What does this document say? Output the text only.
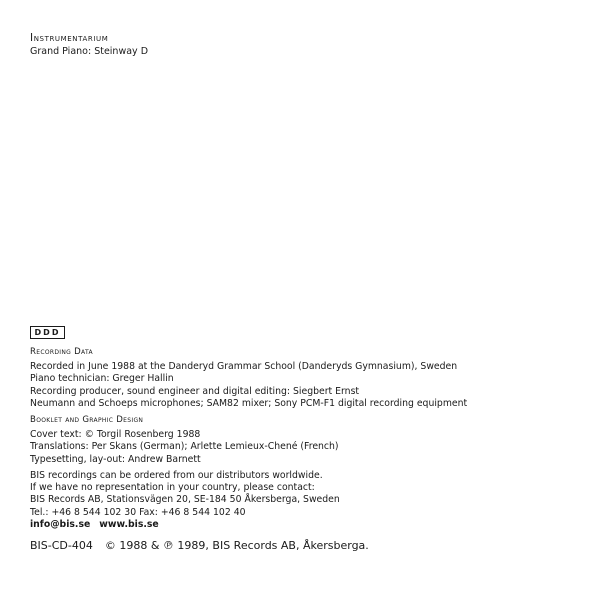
Instrumentarium
Grand Piano: Steinway D
DDD
Recording Data
Recorded in June 1988 at the Danderyd Grammar School (Danderyds Gymnasium), Sweden
Piano technician: Greger Hallin
Recording producer, sound engineer and digital editing: Siegbert Ernst
Neumann and Schoeps microphones; SAM82 mixer; Sony PCM-F1 digital recording equipment
Booklet and Graphic Design
Cover text: © Torgil Rosenberg 1988
Translations: Per Skans (German); Arlette Lemieux-Chené (French)
Typesetting, lay-out: Andrew Barnett
BIS recordings can be ordered from our distributors worldwide.
If we have no representation in your country, please contact:
BIS Records AB, Stationsvägen 20, SE-184 50 Åkersberga, Sweden
Tel.: +46 8 544 102 30 Fax: +46 8 544 102 40
info@bis.se www.bis.se
BIS-CD-404 © 1988 & ℗ 1989, BIS Records AB, Åkersberga.
